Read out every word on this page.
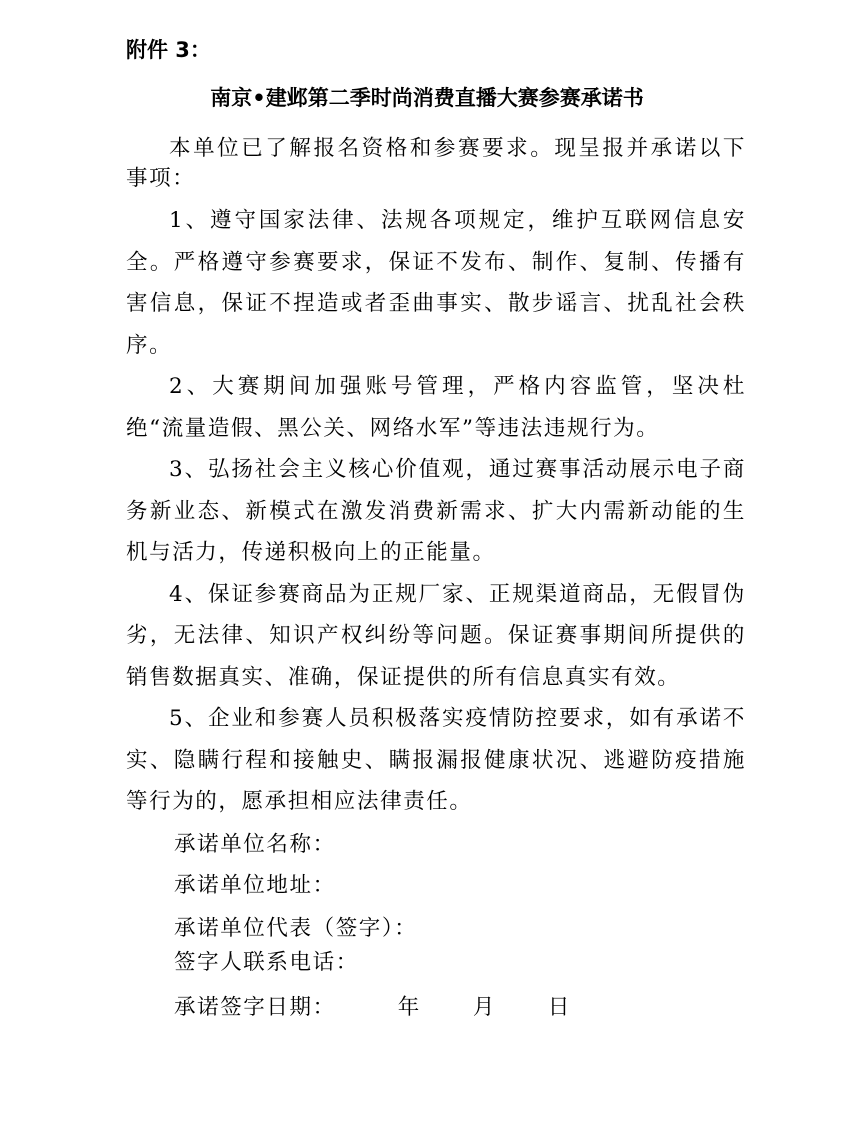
附件 3：

南京•建邺第二季时尚消费直播大赛参赛承诺书

本单位已了解报名资格和参赛要求。现呈报并承诺以下事项：

1、遵守国家法律、法规各项规定，维护互联网信息安全。严格遵守参赛要求，保证不发布、制作、复制、传播有害信息，保证不捏造或者歪曲事实、散步谣言、扰乱社会秩序。

2、大赛期间加强账号管理，严格内容监管，坚决杜绝“流量造假、黑公关、网络水军”等违法违规行为。

3、弘扬社会主义核心价值观，通过赛事活动展示电子商务新业态、新模式在激发消费新需求、扩大内需新动能的生机与活力，传递积极向上的正能量。

4、保证参赛商品为正规厂家、正规渠道商品，无假冒伪劣，无法律、知识产权纠纷等问题。保证赛事期间所提供的销售数据真实、准确，保证提供的所有信息真实有效。

5、企业和参赛人员积极落实疫情防控要求，如有承诺不实、隐瞒行程和接触史、瞒报漏报健康状况、逃避防疫措施等行为的，愿承担相应法律责任。

承诺单位名称：

承诺单位地址：

承诺单位代表（签字）：

签字人联系电话：

承诺签字日期：	年 月 日
